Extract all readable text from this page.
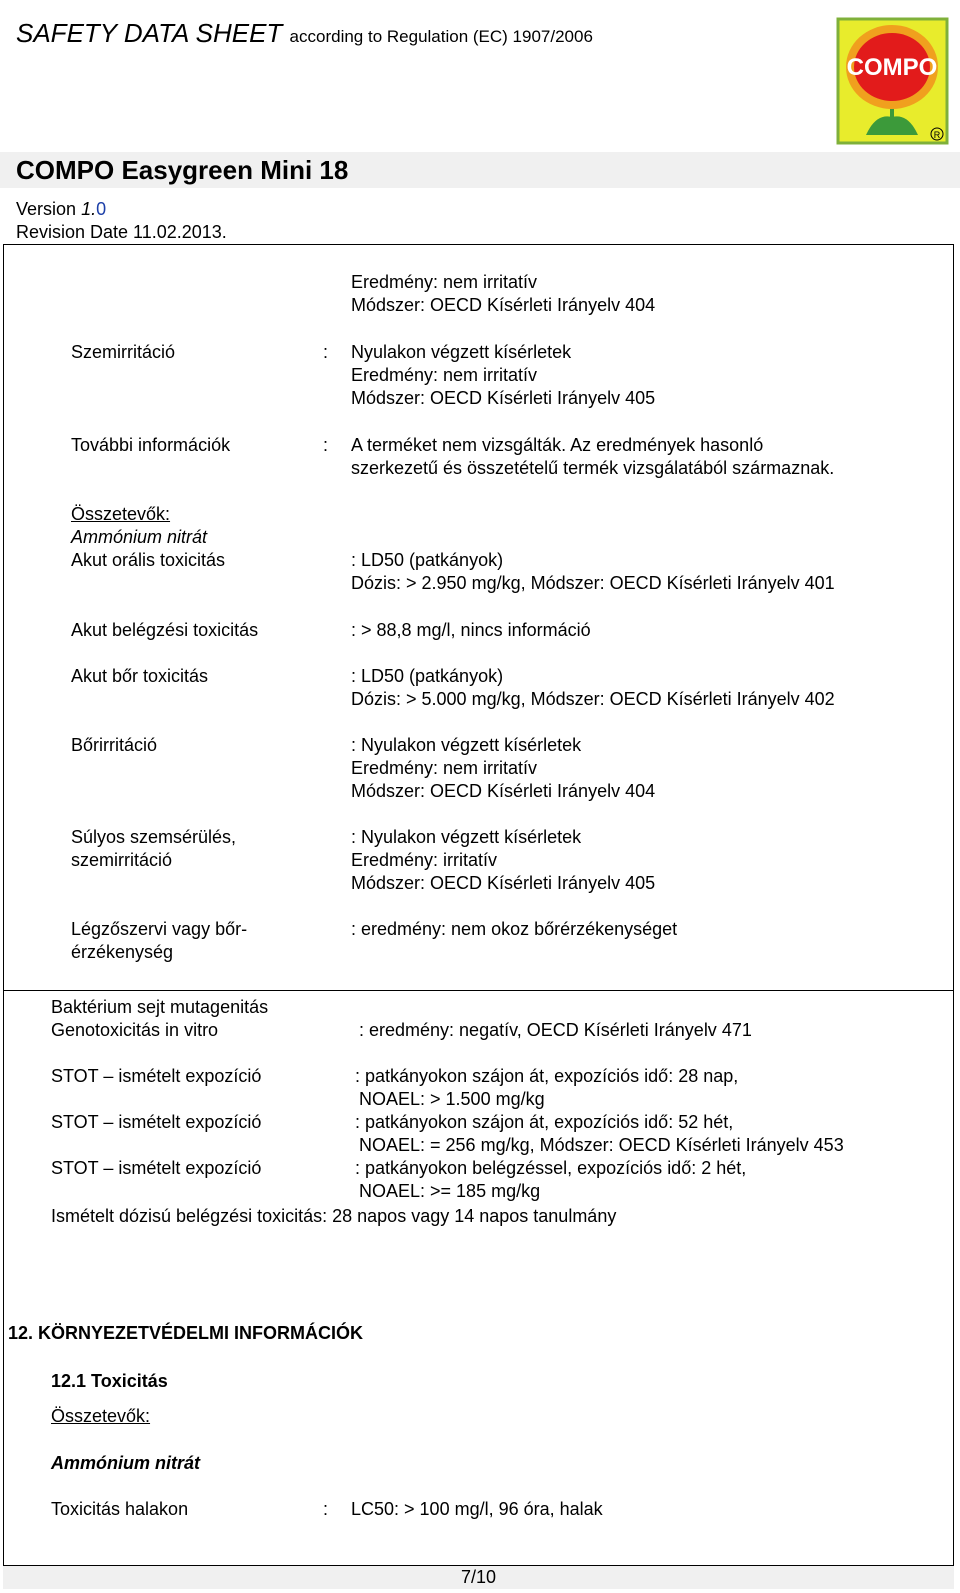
SAFETY DATA SHEET according to Regulation (EC) 1907/2006
COMPO
R
COMPO Easygreen Mini 18
Version 1.0
Revision Date 11.02.2013.
Eredmény: nem irritatív
Módszer: OECD Kísérleti Irányelv 404
Szemirritáció	: Nyulakon végzett kísérletek
Eredmény: nem irritatív
Módszer: OECD Kísérleti Irányelv 405
További információk	: A terméket nem vizsgálták. Az eredmények hasonló
szerkezetű és összetételű termék vizsgálatából származnak.
Összetevők:
Ammónium nitrát
Akut orális toxicitás	: LD50 (patkányok)
Dózis: > 2.950 mg/kg, Módszer: OECD Kísérleti Irányelv 401
Akut belégzési toxicitás	: > 88,8 mg/l, nincs információ
Akut bőr toxicitás	: LD50 (patkányok)
Dózis: > 5.000 mg/kg, Módszer: OECD Kísérleti Irányelv 402
Bőrirritáció	: Nyulakon végzett kísérletek
Eredmény: nem irritatív
Módszer: OECD Kísérleti Irányelv 404
Súlyos szemsérülés,
szemirritáció
: Nyulakon végzett kísérletek
Eredmény: irritatív
Módszer: OECD Kísérleti Irányelv 405
Légzőszervi vagy bőr-
érzékenység
: eredmény: nem okoz bőrérzékenységet
Baktérium sejt mutagenitás
Genotoxicitás in vitro	: eredmény: negatív, OECD Kísérleti Irányelv 471
STOT – ismételt expozíció	: patkányokon szájon át, expozíciós idő: 28 nap,
NOAEL: > 1.500 mg/kg
STOT – ismételt expozíció	: patkányokon szájon át, expozíciós idő: 52 hét,
NOAEL: = 256 mg/kg, Módszer: OECD Kísérleti Irányelv 453
STOT – ismételt expozíció	: patkányokon belégzéssel, expozíciós idő: 2 hét,
NOAEL: >= 185 mg/kg
Ismételt dózisú belégzési toxicitás: 28 napos vagy 14 napos tanulmány
12. KÖRNYEZETVÉDELMI INFORMÁCIÓK
12.1 Toxicitás
Összetevők:
Ammónium nitrát
Toxicitás halakon	: LC50: > 100 mg/l, 96 óra, halak
7/10
